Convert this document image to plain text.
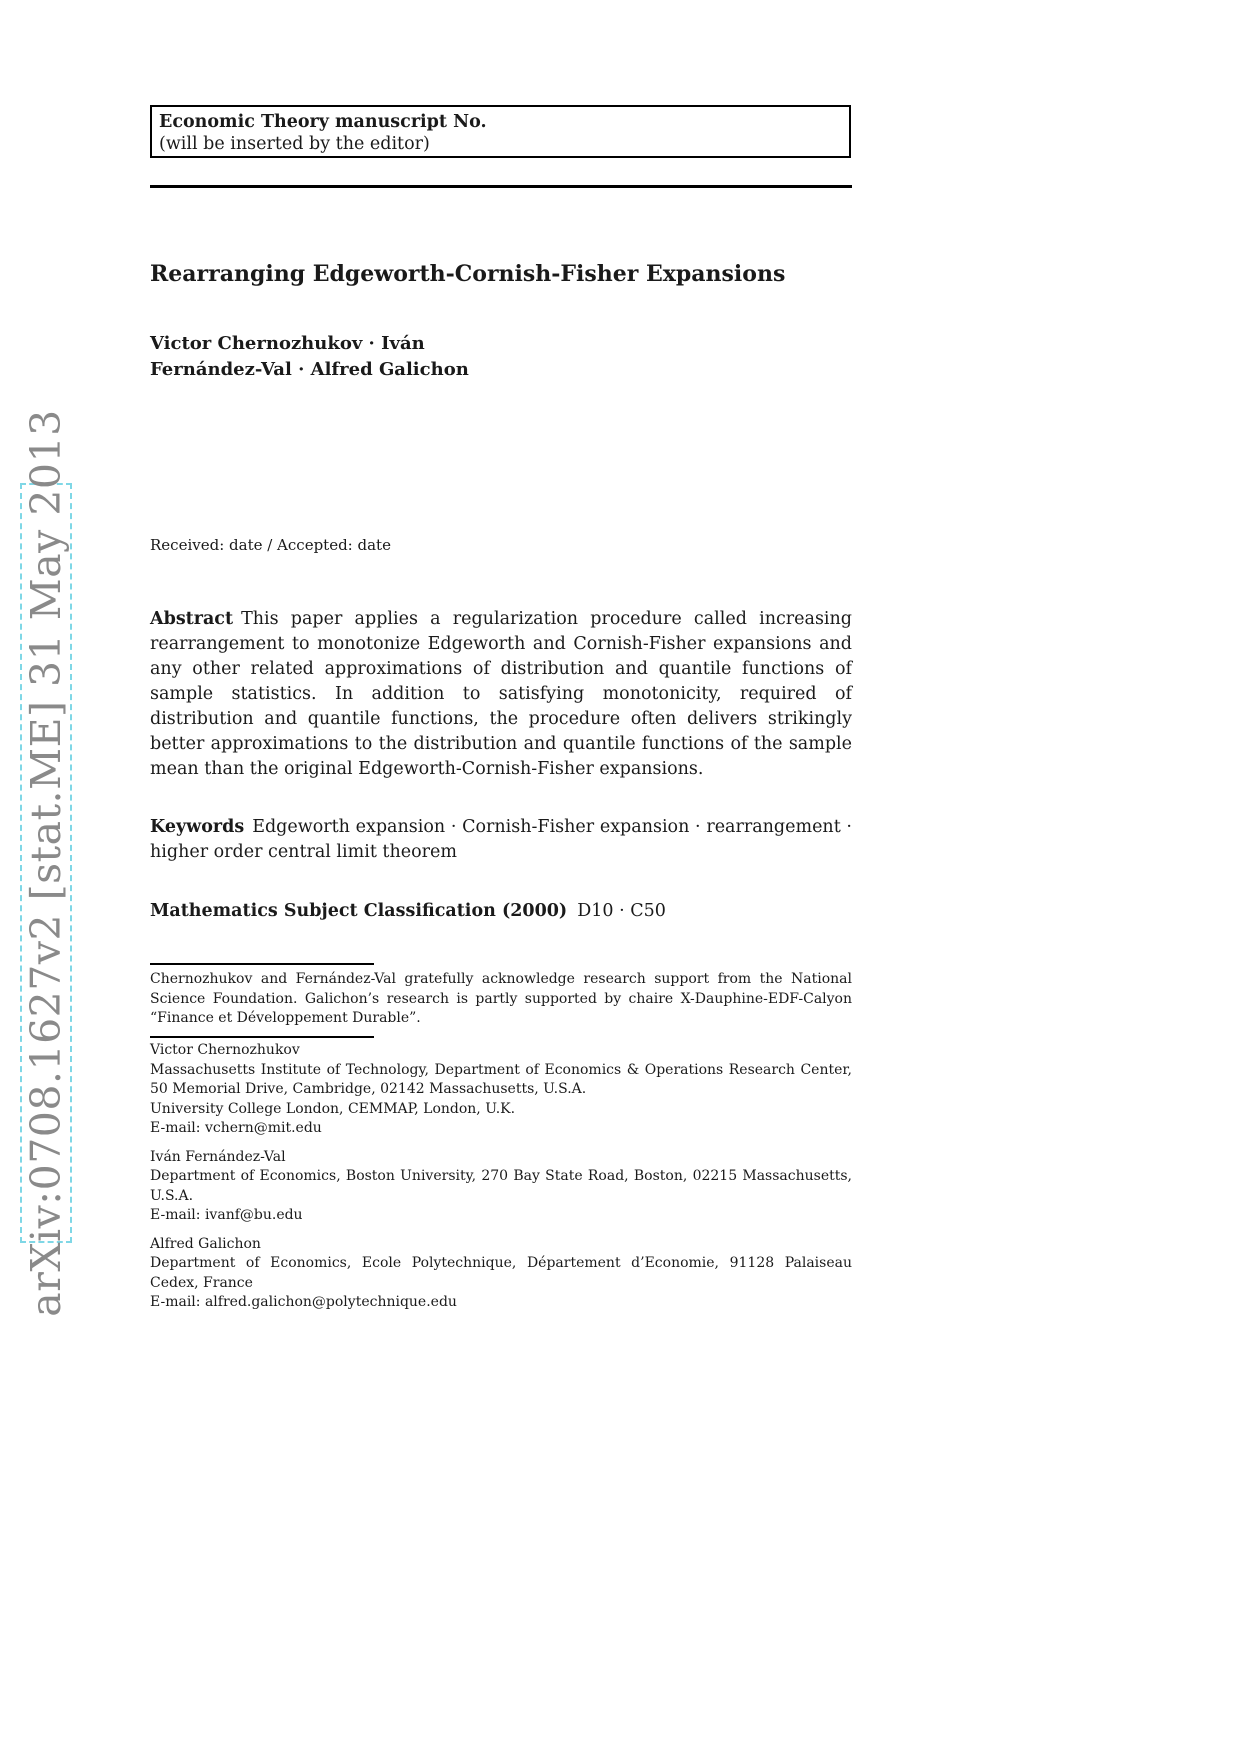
arXiv:0708.1627v2 [stat.ME] 31 May 2013
Economic Theory manuscript No.
(will be inserted by the editor)
Rearranging Edgeworth-Cornish-Fisher Expansions
Victor Chernozhukov · Iván
Fernández-Val · Alfred Galichon
Received: date / Accepted: date
Abstract This paper applies a regularization procedure called increasing rearrangement to monotonize Edgeworth and Cornish-Fisher expansions and any other related approximations of distribution and quantile functions of sample statistics. In addition to satisfying monotonicity, required of distribution and quantile functions, the procedure often delivers strikingly better approximations to the distribution and quantile functions of the sample mean than the original Edgeworth-Cornish-Fisher expansions.
Keywords Edgeworth expansion · Cornish-Fisher expansion · rearrangement · higher order central limit theorem
Mathematics Subject Classification (2000) D10 · C50
Chernozhukov and Fernández-Val gratefully acknowledge research support from the National Science Foundation. Galichon’s research is partly supported by chaire X-Dauphine-EDF-Calyon “Finance et Développement Durable”.
Victor Chernozhukov
Massachusetts Institute of Technology, Department of Economics & Operations Research Center, 50 Memorial Drive, Cambridge, 02142 Massachusetts, U.S.A.
University College London, CEMMAP, London, U.K.
E-mail: vchern@mit.edu
Iván Fernández-Val
Department of Economics, Boston University, 270 Bay State Road, Boston, 02215 Massachusetts, U.S.A.
E-mail: ivanf@bu.edu
Alfred Galichon
Department of Economics, Ecole Polytechnique, Département d’Economie, 91128 Palaiseau Cedex, France
E-mail: alfred.galichon@polytechnique.edu
